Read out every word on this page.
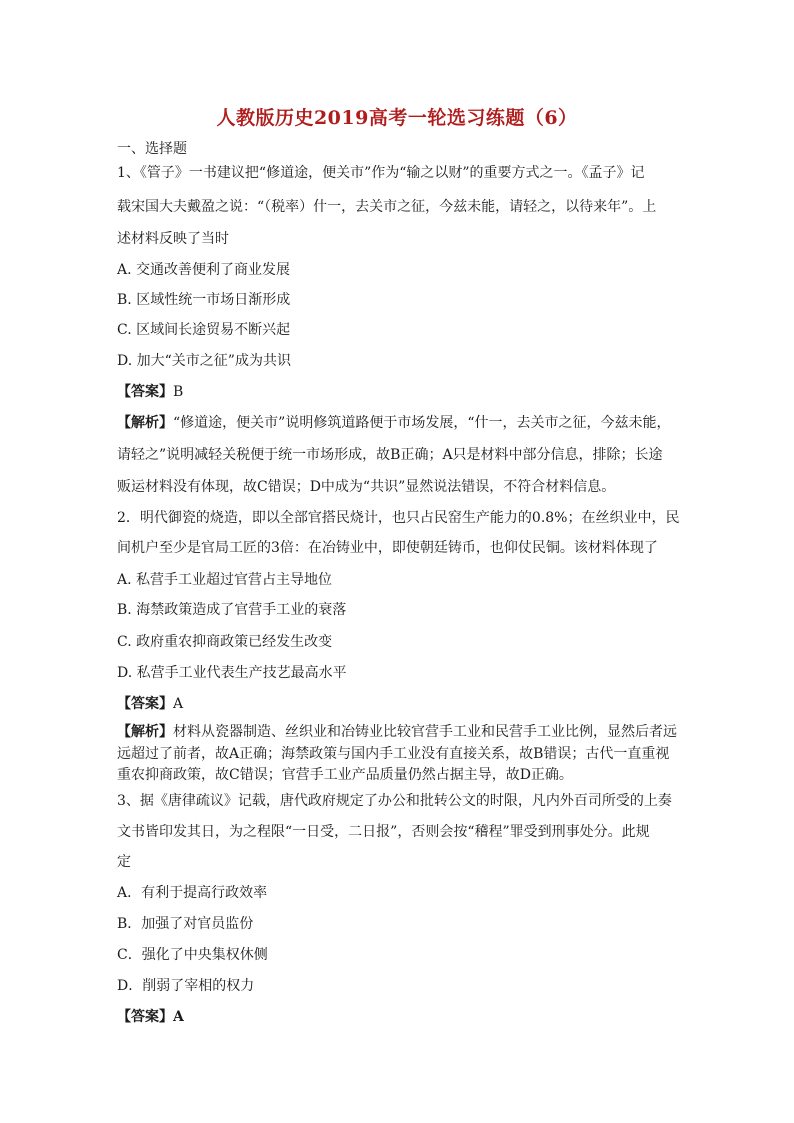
人教版历史2019高考一轮选习练题（6）
一、选择题
1、《管子》一书建议把“修道途，便关市”作为“输之以财”的重要方式之一。《孟子》记
载宋国大夫戴盈之说：“（税率）什一，去关市之征，今兹未能，请轻之，以待来年”。上
述材料反映了当时
A. 交通改善便利了商业发展
B. 区域性统一市场日渐形成
C. 区域间长途贸易不断兴起
D. 加大“关市之征”成为共识
【答案】B
【解析】“修道途，便关市”说明修筑道路便于市场发展，“什一，去关市之征，今兹未能，
请轻之”说明减轻关税便于统一市场形成，故B正确；A只是材料中部分信息，排除；长途
贩运材料没有体现，故C错误；D中成为“共识”显然说法错误，不符合材料信息。
2．明代御瓷的烧造，即以全部官搭民烧计，也只占民窑生产能力的0.8%；在丝织业中，民
间机户至少是官局工匠的3倍：在冶铸业中，即使朝廷铸币，也仰仗民铜。该材料体现了
A. 私营手工业超过官营占主导地位
B. 海禁政策造成了官营手工业的衰落
C. 政府重农抑商政策已经发生改变
D. 私营手工业代表生产技艺最高水平
【答案】A
【解析】材料从瓷器制造、丝织业和冶铸业比较官营手工业和民营手工业比例，显然后者远
远超过了前者，故A正确；海禁政策与国内手工业没有直接关系，故B错误；古代一直重视
重农抑商政策，故C错误；官营手工业产品质量仍然占据主导，故D正确。
3、据《唐律疏议》记载，唐代政府规定了办公和批转公文的时限，凡内外百司所受的上奏
文书皆印发其日，为之程限“一日受，二日报”，否则会按“稽程”罪受到刑事处分。此规
定
A．有利于提高行政效率
B．加强了对官员监份
C．强化了中央集权休侧
D．削弱了宰相的权力
【答案】A
